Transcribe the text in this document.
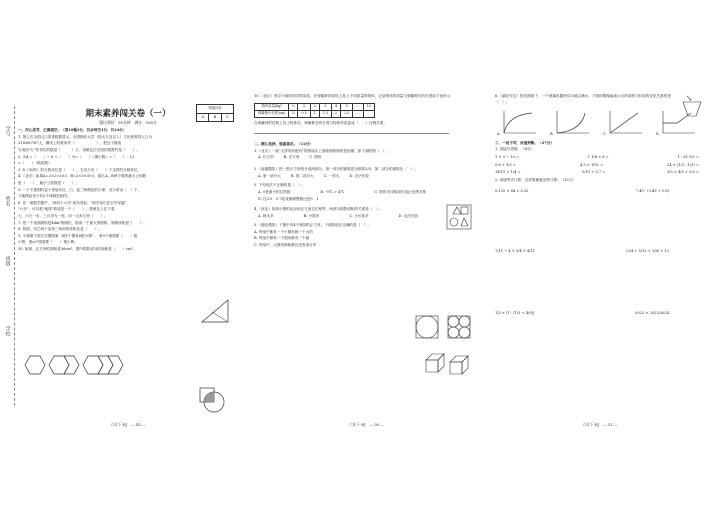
学号
姓名
班级
学校
等级评价
A	B	C
期末素养闯关卷（一）
建议用时：90分钟　满分：100分
一、用心思考，正确填空。（第10题3分，其余每空1分，共24分）
1. 第七次全国人口普查数据显示，全国拥有大学（指大专及以上）文化程度的人口为
218360767人，横线上的数读作（　　　　　　），把这个数改
写成用"万"作单位的数是（　　　）万，省略亿位后面的尾数约是（　　）。
2. 3/4 =（　　）÷ 8 =（　　）%=（　　）（填小数）=（　　）：12
=（　　）（填成数）
3. 4（米/时）的分数单位是（　　），它至少有（　　）个这样的分数单位。
4.（北京）如果A=2×2×3×5，B=2×3×3×5，那么A，B两个数的最大公因数
是（　　），最小公倍数是（　　）。
5. 一个不透明的袋子里装有红、白、蓝三种颜色的小球，至少拿出（　）个，
才能保证至少有2个球颜色相同。
6. 在一道数学题中，"神舟十六号"成功发射，"科学家们在空中穿越"，
"六年"，可以把"地球"看成是一个（　　）。按照从上往下看，
七、六尺一步、三百步为一里，问一百步几里（　　）。
7. 把一个表面面积是4dm²的圆柱，削成一个最大的圆锥，圆锥体积是（　　）。
8. 如图，甲乙两个直角三角形的体积比是（　　）。
9. 小林做下面方式摆图案（第1个图有6根小棒），第9个图需要（　　）根
小棒，第n个图需要（　　）根小棒。
10. 如图，正方形的面积是36cm²，圆中阴影部分的面积是（　　）cm²。
六年下·RJ　— 49 —
10.（北京）科学小组的同学做实验，在弹簧秤的挂钩上挂上不同质量的物体，记录物体的质量与弹簧伸长的长度如下表所示：
物体质量(kg)	0	1	2	3	4	5	…	10
弹簧伸长长度(cm)	0	0.5	1	1.5	2	2.5	…	
在弹簧秤的挂钩上挂上物体后，弹簧伸长的长度与物体的质量成（　　）比例关系。
二、精心选择，慎重裁决。（12分）
1.（北京）一款"大饼形状配对"的游戏从上面看到的图形是如图，如下面的图（　）。
A. 长方形	B. 正方形	C. 圆形
2.（南通模拟）把一张长方形纸分成两部分，第一部分的面积是全纸的2/5，第二部分的面积比（　）。
A. 第一部分大	B. 第二部分大	C. 一样大	D. 无法比较
3. 下列说法不正确的是（　）。
A. 0是最小的自然数	B. -5℃ > 4℃	C. 圆的半径和周长成正比例关系
D. 比3.5：0.7化成最简整数比是5：1
4.（河北）如图小圆的直径和正方形边长相等，两部分阴影面积的关系是（　）。
A. 阿米多	B. 小圆多	C. 小长体多	D. 无法比较
5.（湖北模拟）下图中有4个相同的正方体，下面的说法正确的是（　）。
A. 每组中都有一个小圆形都一个大的
B. 每组中都有一个圆形都有一个画
C. 每组中，大圆形面积都比没有部分多
六年下·RJ　— 50 —
6.（湖北东宝）阳光照射下，一个玻璃容器里均匀地注满水，下面的图像能表示水的高度与时间的变化关系的是（　）。
A.	B.	C.	D.
三、一丝不苟，快速判断。（27分）
1. 直接写得数。（6分）
3 × 3 ÷ 10 =	1 1/8 × 8 =	1 - 61.5% =
0.6 + 1/5 =	4.3 × 10% =	24 × (1/2 - 1/3) =
14/15 × 1/4 =	3/10 + 0.7 =	3/5 × 4/5 × 5/3 =
2. 用递等式计算，怎样简便就怎样计算。（12分）
0.125 × 64 × 0.25	7.49 - (3.49 + 1.8)
7/11 ÷ 4 + 3/4 × 4/11	(3/4 + 5/12 + 1/6) × 12
1/2 × (1 - (1/3 + 4/9))	2023 × 2023/2024
六年下·RJ　— 51 —
